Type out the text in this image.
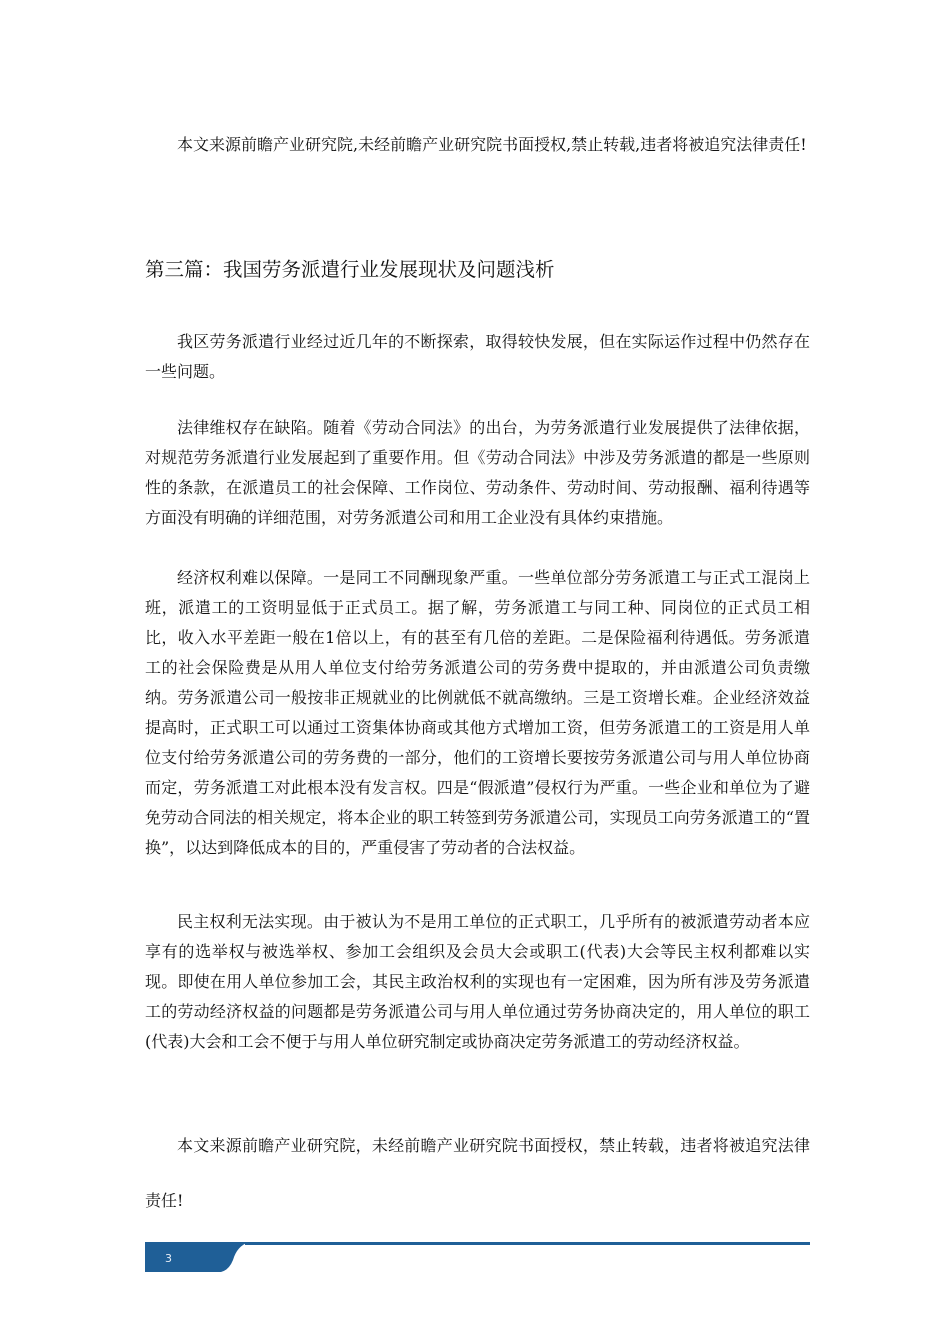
本文来源前瞻产业研究院,未经前瞻产业研究院书面授权,禁止转载,违者将被追究法律责任!

第三篇：我国劳务派遣行业发展现状及问题浅析

我区劳务派遣行业经过近几年的不断探索，取得较快发展，但在实际运作过程中仍然存在一些问题。

法律维权存在缺陷。随着《劳动合同法》的出台，为劳务派遣行业发展提供了法律依据，对规范劳务派遣行业发展起到了重要作用。但《劳动合同法》中涉及劳务派遣的都是一些原则性的条款，在派遣员工的社会保障、工作岗位、劳动条件、劳动时间、劳动报酬、福利待遇等方面没有明确的详细范围，对劳务派遣公司和用工企业没有具体约束措施。

经济权利难以保障。一是同工不同酬现象严重。一些单位部分劳务派遣工与正式工混岗上班，派遣工的工资明显低于正式员工。据了解，劳务派遣工与同工种、同岗位的正式员工相比，收入水平差距一般在1倍以上，有的甚至有几倍的差距。二是保险福利待遇低。劳务派遣工的社会保险费是从用人单位支付给劳务派遣公司的劳务费中提取的，并由派遣公司负责缴纳。劳务派遣公司一般按非正规就业的比例就低不就高缴纳。三是工资增长难。企业经济效益提高时，正式职工可以通过工资集体协商或其他方式增加工资，但劳务派遣工的工资是用人单位支付给劳务派遣公司的劳务费的一部分，他们的工资增长要按劳务派遣公司与用人单位协商而定，劳务派遣工对此根本没有发言权。四是“假派遣”侵权行为严重。一些企业和单位为了避免劳动合同法的相关规定，将本企业的职工转签到劳务派遣公司，实现员工向劳务派遣工的“置换”，以达到降低成本的目的，严重侵害了劳动者的合法权益。

民主权利无法实现。由于被认为不是用工单位的正式职工，几乎所有的被派遣劳动者本应享有的选举权与被选举权、参加工会组织及会员大会或职工(代表)大会等民主权利都难以实现。即使在用人单位参加工会，其民主政治权利的实现也有一定困难，因为所有涉及劳务派遣工的劳动经济权益的问题都是劳务派遣公司与用人单位通过劳务协商决定的，用人单位的职工(代表)大会和工会不便于与用人单位研究制定或协商决定劳务派遣工的劳动经济权益。

本文来源前瞻产业研究院，未经前瞻产业研究院书面授权，禁止转载，违者将被追究法律责任!

3
